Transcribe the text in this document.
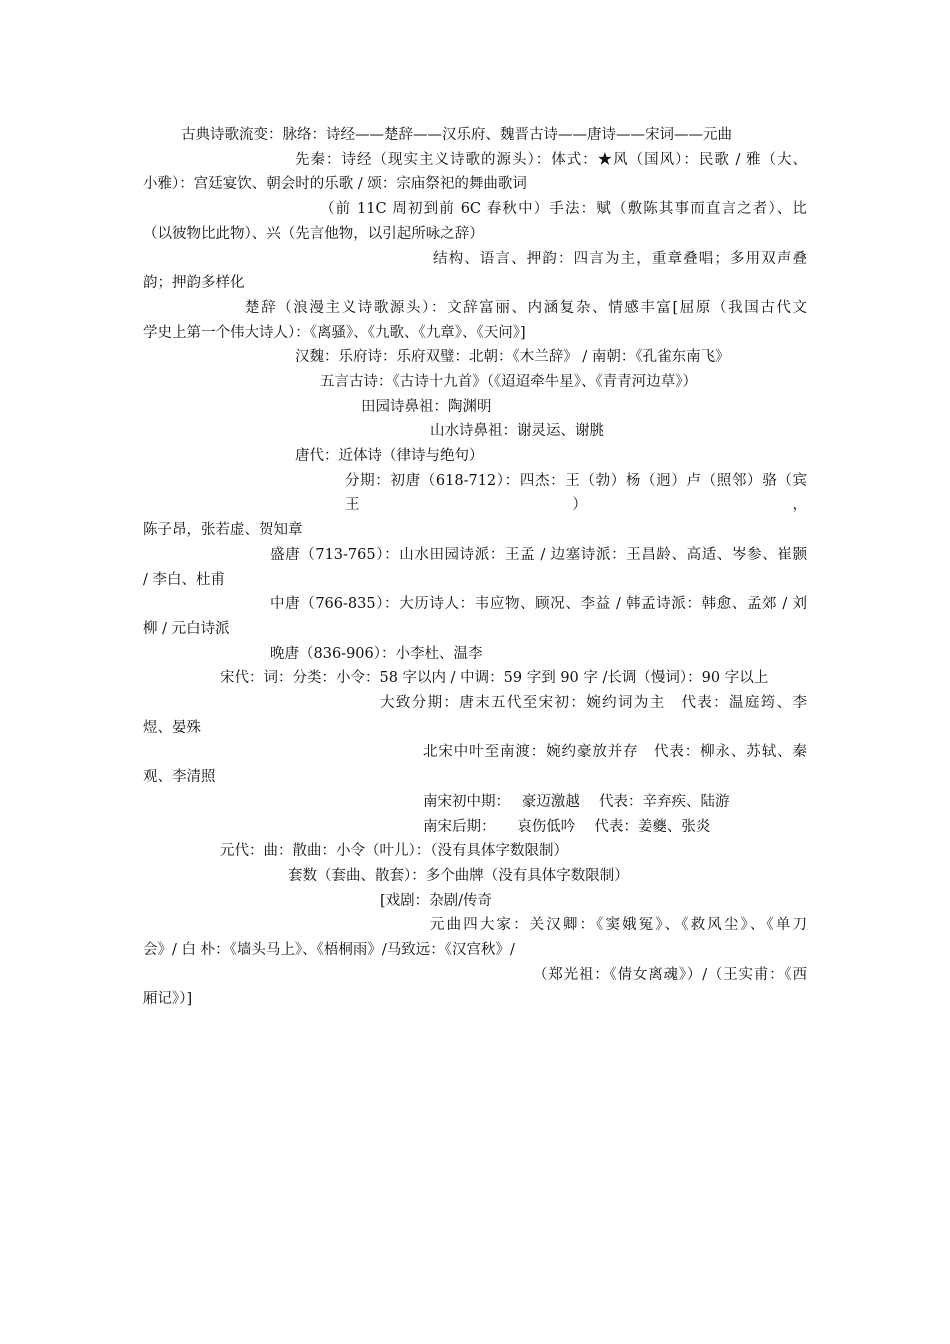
古典诗歌流变：脉络：诗经——楚辞——汉乐府、魏晋古诗——唐诗——宋词——元曲
先秦：诗经（现实主义诗歌的源头）：体式：★风（国风）：民歌 / 雅（大、
小雅）：宫廷宴饮、朝会时的乐歌 / 颂：宗庙祭祀的舞曲歌词
（前 11C 周初到前 6C 春秋中）手法：赋（敷陈其事而直言之者）、比
（以彼物比此物）、兴（先言他物，以引起所咏之辞）
结构、语言、押韵：四言为主，重章叠唱；多用双声叠
韵；押韵多样化
楚辞（浪漫主义诗歌源头）：文辞富丽、内涵复杂、情感丰富[屈原（我国古代文
学史上第一个伟大诗人）：《离骚》、《九歌、《九章》、《天问》]
汉魏：乐府诗：乐府双璧：北朝：《木兰辞》 / 南朝：《孔雀东南飞》
五言古诗：《古诗十九首》（《迢迢牵牛星》、《青青河边草》）
田园诗鼻祖：陶渊明
山水诗鼻祖：谢灵运、谢朓
唐代：近体诗（律诗与绝句）
分期：初唐（618-712）：四杰：王（勃）杨（迥）卢（照邻）骆（宾王），
陈子昂，张若虚、贺知章
盛唐（713-765）：山水田园诗派：王孟 / 边塞诗派：王昌龄、高适、岑参、崔颢
/ 李白、杜甫
中唐（766-835）：大历诗人：韦应物、顾况、李益 / 韩孟诗派：韩愈、孟郊 / 刘
柳 / 元白诗派
晚唐（836-906）：小李杜、温李
宋代：词：分类：小令：58 字以内 / 中调：59 字到 90 字 /长调（慢词）：90 字以上
大致分期：唐末五代至宋初：婉约词为主　代表：温庭筠、李
煜、晏殊
北宋中叶至南渡：婉约豪放并存　代表：柳永、苏轼、秦
观、李清照
南宋初中期：　 豪迈激越　 代表：辛弃疾、陆游
南宋后期：　　哀伤低吟　 代表：姜夔、张炎
元代：曲：散曲：小令（叶儿）：（没有具体字数限制）
套数（套曲、散套）：多个曲牌（没有具体字数限制）
[戏剧：杂剧/传奇
元曲四大家：关汉卿：《窦娥冤》、《救风尘》、《单刀
会》/ 白 朴：《墙头马上》、《梧桐雨》/马致远：《汉宫秋》/
（郑光祖：《倩女离魂》）/（王实甫：《西
厢记》）]
